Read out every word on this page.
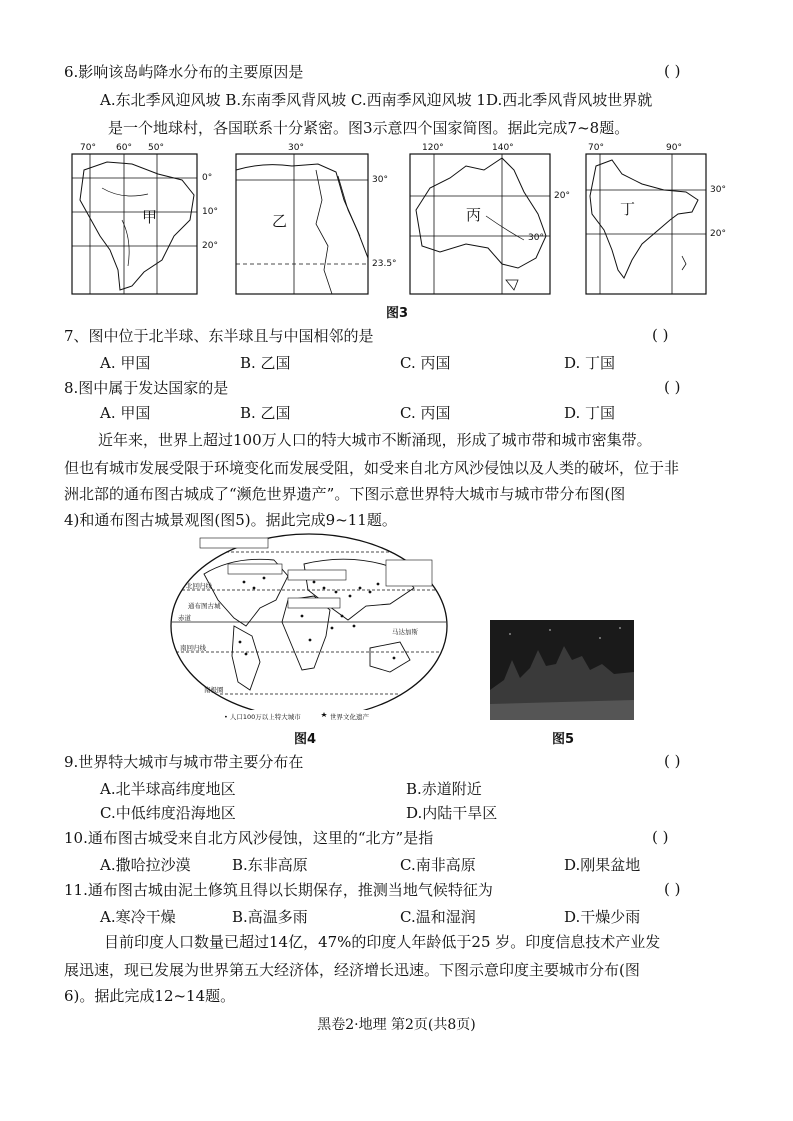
6.影响该岛屿降水分布的主要原因是	( )
A.东北季风迎风坡 B.东南季风背风坡 C.西南季风迎风坡 1D.西北季风背风坡世界就
是一个地球村，各国联系十分紧密。图3示意四个国家简图。据此完成7~8题。
70° 60° 50°
甲
0°
10°
20°
30°
乙
30°
23.5°
120°	140°
丙
20°
30°
70°	90°
丁
30°
20°
图3
7、图中位于北半球、东半球且与中国相邻的是	( )
A. 甲国	B. 乙国	C. 丙国	D. 丁国
8.图中属于发达国家的是	( )
A. 甲国	B. 乙国	C. 丙国	D. 丁国
近年来，世界上超过100万人口的特大城市不断涌现，形成了城市带和城市密集带。
但也有城市发展受限于环境变化而发展受阻，如受来自北方风沙侵蚀以及人类的破坏，位于非
洲北部的通布图古城成了“濒危世界遗产”。下图示意世界特大城市与城市带分布图(图
4)和通布图古城景观图(图5)。据此完成9~11题。
北回归线
赤道
南回归线
南极圈
通布图古城
马达加斯
• 人口100万以上特大城市	世界文化遗产
图4	图5
9.世界特大城市与城市带主要分布在	( )
A.北半球高纬度地区	B.赤道附近
C.中低纬度沿海地区	D.内陆干旱区
10.通布图古城受来自北方风沙侵蚀，这里的“北方”是指	( )
A.撒哈拉沙漠	B.东非高原	C.南非高原	D.刚果盆地
11.通布图古城由泥土修筑且得以长期保存，推测当地气候特征为	( )
A.寒冷干燥	B.高温多雨	C.温和湿润	D.干燥少雨
目前印度人口数量已超过14亿，47%的印度人年龄低于25 岁。印度信息技术产业发
展迅速，现已发展为世界第五大经济体，经济增长迅速。下图示意印度主要城市分布(图
6)。据此完成12~14题。
黑卷2·地理 第2页(共8页)
